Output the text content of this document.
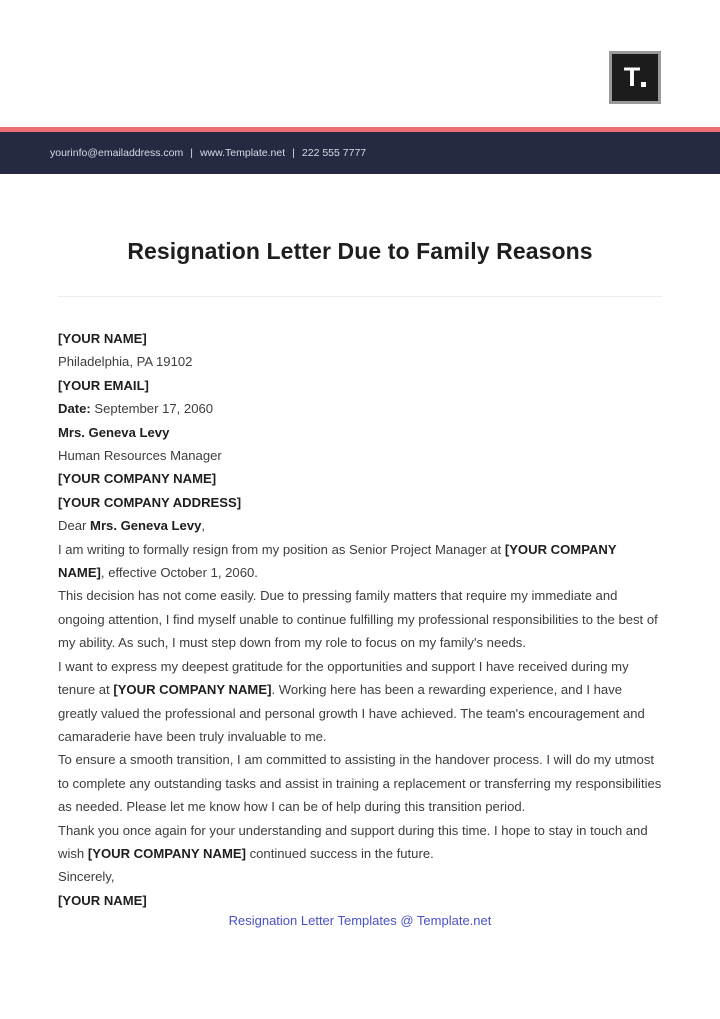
T
yourinfo@emailaddress.com | www.Template.net | 222 555 7777
Resignation Letter Due to Family Reasons

[YOUR NAME]

Philadelphia, PA 19102

[YOUR EMAIL]

Date: September 17, 2060

Mrs. Geneva Levy

Human Resources Manager

[YOUR COMPANY NAME]

[YOUR COMPANY ADDRESS]

Dear Mrs. Geneva Levy,

I am writing to formally resign from my position as Senior Project Manager at [YOUR COMPANY NAME], effective October 1, 2060.

This decision has not come easily. Due to pressing family matters that require my immediate and ongoing attention, I find myself unable to continue fulfilling my professional responsibilities to the best of my ability. As such, I must step down from my role to focus on my family's needs.

I want to express my deepest gratitude for the opportunities and support I have received during my tenure at [YOUR COMPANY NAME]. Working here has been a rewarding experience, and I have greatly valued the professional and personal growth I have achieved. The team's encouragement and camaraderie have been truly invaluable to me.

To ensure a smooth transition, I am committed to assisting in the handover process. I will do my utmost to complete any outstanding tasks and assist in training a replacement or transferring my responsibilities as needed. Please let me know how I can be of help during this transition period.

Thank you once again for your understanding and support during this time. I hope to stay in touch and wish [YOUR COMPANY NAME] continued success in the future.

Sincerely,

[YOUR NAME]

Resignation Letter Templates @ Template.net
